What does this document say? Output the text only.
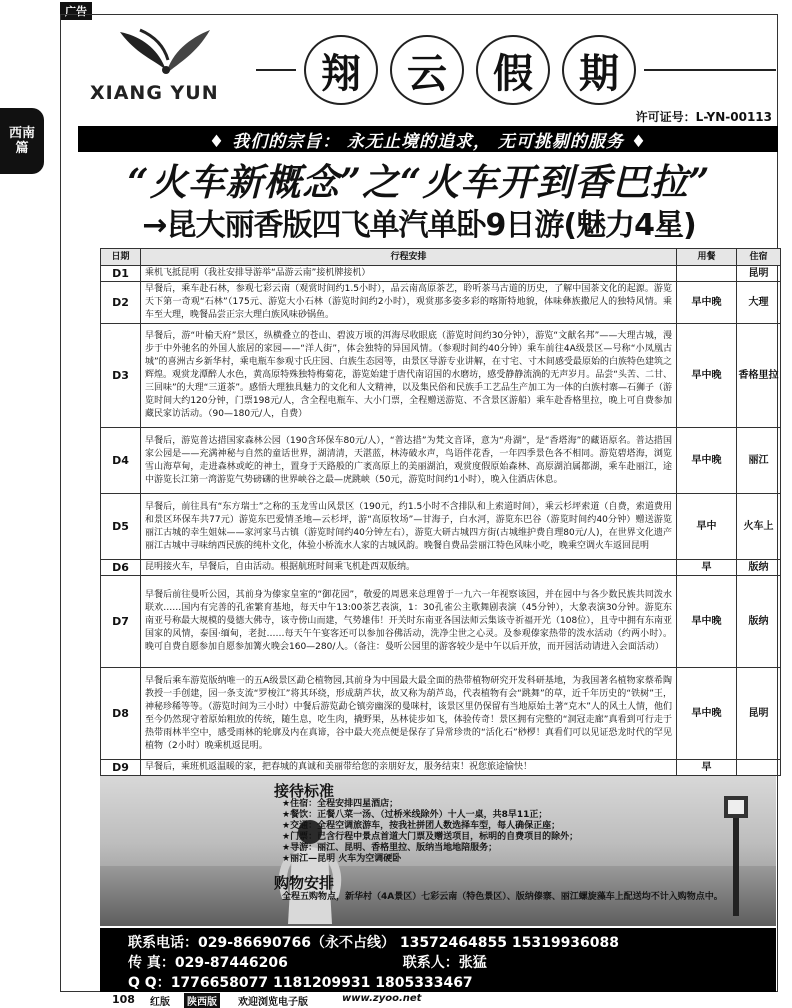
广告
西南篇
XIANG YUN	翔	云	假	期
许可证号：L-YN-00113
♦ 我们的宗旨： 永无止境的追求， 无可挑剔的服务 ♦
“火车新概念”之“火车开到香巴拉”
→昆大丽香版四飞单汽单卧9日游(魅力4星)
日期	行程安排	用餐	住宿
D1	乘机飞抵昆明（我社安排导游举“品游云南”接机牌接机）		昆明
D2	早餐后，乘车赴石林，参观七彩云南（观赏时间约1.5小时），品云南高原茶艺，聆听茶马古道的历史，了解中国茶文化的起源。游览天下第一奇观“石林”（175元、游览大小石林（游览时间约2小时），观赏那多姿多彩的喀斯特地貌，体味彝族撒尼人的独特风情。乘车至大理，晚餐品尝正宗大理白族风味砂锅鱼。	早中晚	大理
D3	早餐后，游“叶榆天府”景区，纵横叠立的苍山、碧波万顷的洱海尽收眼底（游览时间约30分钟），游览“文献名邦”——大理古城，漫步于中外驰名的外国人旅居的家园——“洋人街”，体会独特的异国风情。（参观时间约40分钟）乘车前往4A级景区—号称“小凤凰古城”的喜洲古乡新华村，乘电瓶车参观寸氏庄园、白族生态园等，由景区导游专业讲解，在寸宅、寸木间感受最原始的白族特色建筑之辉煌。观赏龙潭醉人水色，黄高原特殊独特梅菊花，游览始建于唐代南诏国的水磨坊，感受静静流淌的无声岁月。品尝“头苦、二甘、三回味”的大理“三道茶”。感悟大理独具魅力的文化和人文精神，以及集民俗和民族手工艺品生产加工为一体的白族村寨—石狮子（游览时间大约120分钟，门票198元/人，含全程电瓶车、大小门票，全程赠送游览、不含景区游船）乘车赴香格里拉，晚上可自费参加藏民家访活动。（90—180元/人，自费）	早中晚	香格里拉
D4	早餐后，游览普达措国家森林公园（190含环保车80元/人），“普达措”为梵文音译，意为“舟湖”，是“香塔海”的藏语原名。普达措国家公园是——充满神秘与自然的童话世界，湖清清，天湛蓝，林涛破水声，鸟语伴花香，一年四季景色各不相同。游览碧塔海，浏览雪山海草甸，走进森林或屹的神土，置身于天路般的广袤高原上的美丽湖泊，观赏度假原始森林、高原湖泊属都湖，乘车赴丽江，途中游览长江第一湾游览气势磅礴的世界峡谷之最—虎跳峡（50元，游览时间约1小时），晚入住酒店休息。	早中晚	丽江
D5	早餐后，前往具有“东方瑞士”之称的玉龙雪山风景区（190元，约1.5小时不含排队和上索道时间），乘云杉坪索道（自费，索道费用和景区环保车共77元）游览东巴爱情圣地—云杉坪，游“高原牧场”—甘海子，白水河，游览东巴谷（游览时间约40分钟）赠送游览丽江古城的幸生姐妹——家河家马古镇（游览时间约40分钟左右），游览大研古城四方街(古城维护费自理80元/人)，在世界文化遗产丽江古城中寻味纳西民族的纯朴文化，体验小桥流水人家的古城风韵。晚餐自费品尝丽江特色风味小吃，晚乘空调火车返回昆明	早中	火车上
D6	昆明接火车，早餐后，自由活动。根据航班时间乘飞机赴西双版纳。	早	版纳
D7	早餐后前往曼听公园，其前身为傣家皇室的“御花园”，敬爱的周恩来总理曾于一九六一年视察该园，并在园中与各少数民族共同泼水联欢……国内有完善的孔雀繁育基地，每天中午13:00茶艺表演，1：30孔雀公主歌舞剧表演（45分钟），大象表演30分钟。游览东南亚号称最大规模的曼德大佛寺，该寺傍山而建，气势雄伟！开关时东南亚各国法师云集该寺祈福开光（108位），且寺中拥有东南亚国家的风情，泰国·缅甸，老挝……每天午午宴客还可以参加谷佛活动，洗净尘世之心灵。及参观傣家热带的泼水活动（约两小时）。晚可自费自愿参加自愿参加篝火晚会160—280/人。（备注：曼听公园里的游客较少是中午以后开放，而开园活动请进入会面活动）	早中晚	版纳
D8	早餐后乘车游览版纳唯一的五A级景区勐仑植物园,其前身为中国最大最全面的热带植物研究开发科研基地，为我国著名植物家蔡希陶教授一手创建，园一条支流“罗梭江”将其环绕，形成葫芦状，故又称为葫芦岛，代表植物有会“跳舞”的草，近千年历史的“铁树”王，神秘珍稀等等。（游览时间为三小时）中餐后游览勐仑镇旁幽深的曼咪村，该景区里仍保留有当地原始土著“克木”人的风土人情，他们至今仍然现守着原始粗放的传统，随生息，吃生肉，撬野果，丛林徒步如飞，体验传奇！景区拥有完整的“洞冠走廊”真看到可行走于热带雨林半空中，感受雨林的轮廓及内在真谛，谷中最大亮点便是保存了异常珍贵的“活化石”桫椤！真看们可以见证恐龙时代的罕见植物（2小时）晚乘机返昆明。	早中晚	昆明
D9	早餐后，乘班机返温暖的家，把春城的真诚和美丽带给您的亲朋好友，服务结束！祝您旅途愉快！	早	
接待标准
★住宿：全程安排四星酒店；
★餐饮：正餐八菜一汤、（过桥米线除外）十人一桌，共8早11正；
★交通：全程空调旅游车，按我社拼团人数选择车型，每人确保正座；
★门票：已含行程中景点首道大门票及赠送项目，标明的自费项目的除外；
★导游：丽江、昆明、香格里拉、版纳当地地陪服务；
★丽江—昆明 火车为空调硬卧
购物安排
全程五购物点，新华村（4A景区）七彩云南（特色景区）、版纳傣寨、丽江螺旋藻车上配送均不计入购物点中。
联系电话：029-86690766（永不占线） 13572464855 15319936088
传 真：029-87446206	联系人：张猛
Q Q：1776658077 1181209931 1805333467
108 红版	陕西版	欢迎浏览电子版	www.zyoo.net
